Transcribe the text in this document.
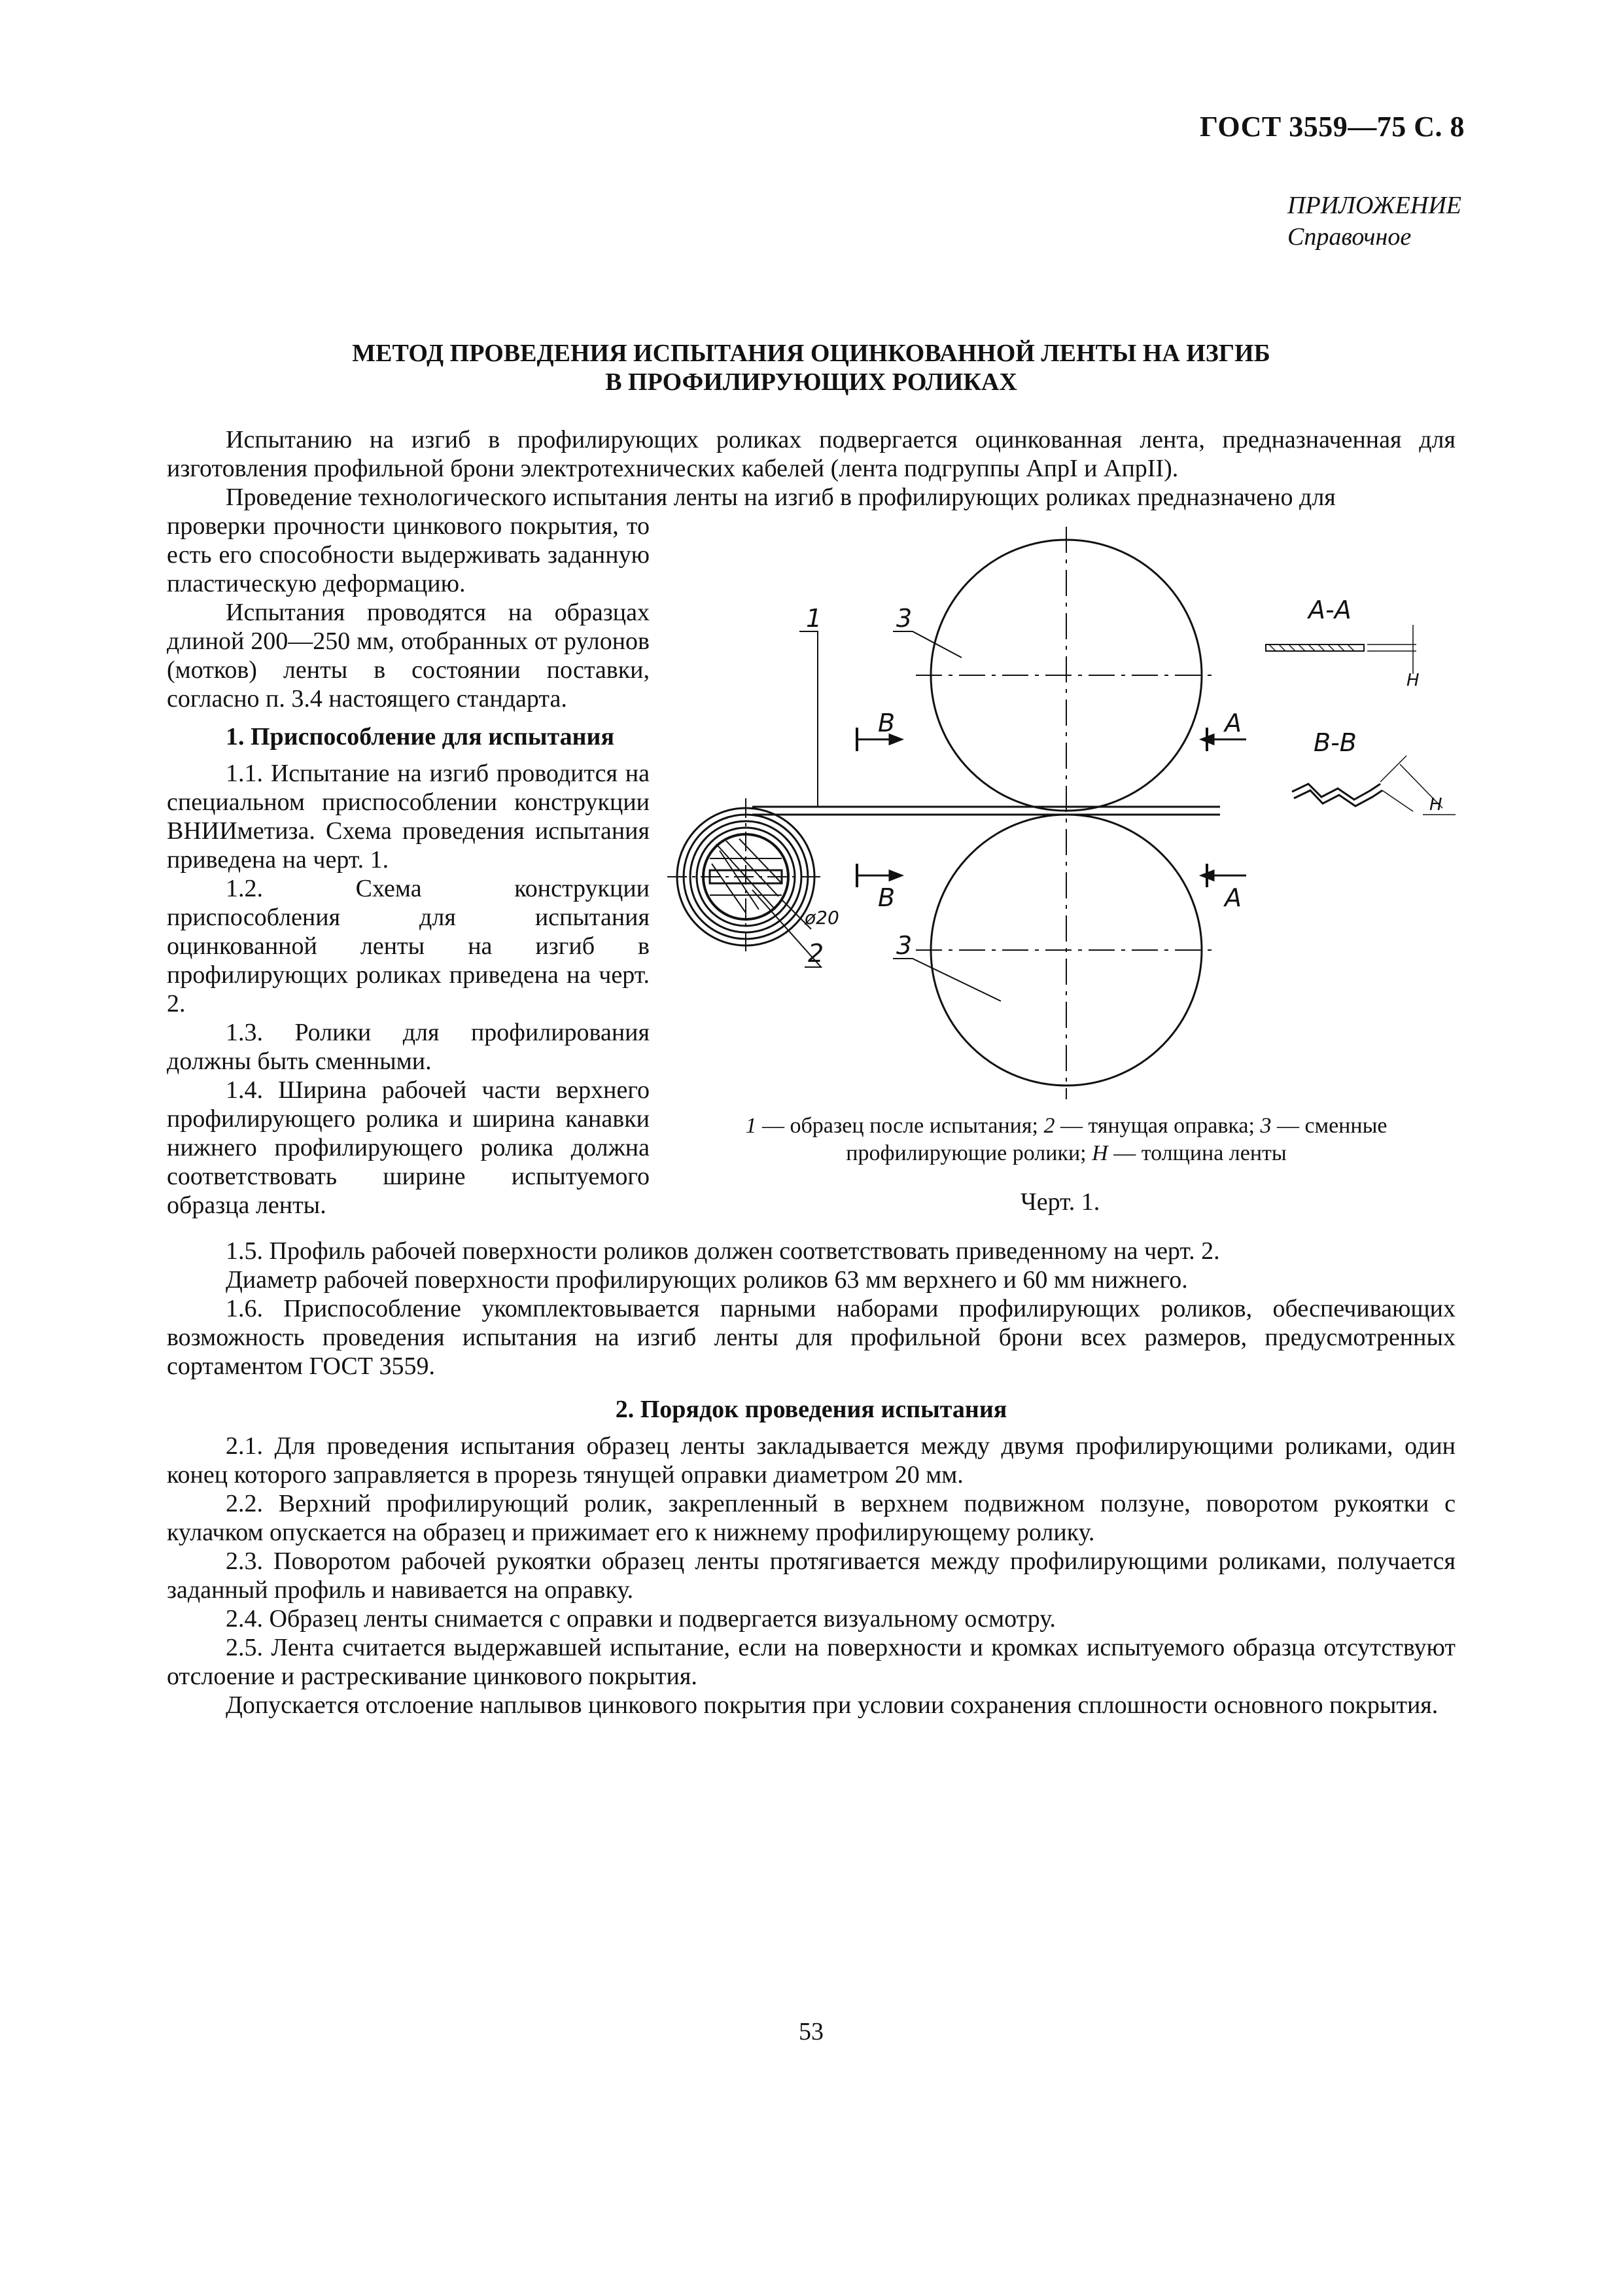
ГОСТ 3559—75 С. 8
ПРИЛОЖЕНИЕ
Справочное
МЕТОД ПРОВЕДЕНИЯ ИСПЫТАНИЯ ОЦИНКОВАННОЙ ЛЕНТЫ НА ИЗГИБ
В ПРОФИЛИРУЮЩИХ РОЛИКАХ

Испытанию на изгиб в профилирующих роликах подвергается оцинкованная лента, предназначенная для изготовления профильной брони электротехнических кабелей (лента подгруппы АпрI и АпрII).

Проведение технологического испытания ленты на изгиб в профилирующих роликах предназначено для

проверки прочности цинкового покрытия, то есть его способности выдерживать заданную пластическую деформацию.

Испытания проводятся на образцах длиной 200—250 мм, отобранных от рулонов (мотков) ленты в состоянии поставки, согласно п. 3.4 настоящего стандарта.

1. Приспособление для испытания

1.1. Испытание на изгиб проводится на специальном приспособлении конструкции ВНИИметиза. Схема проведения испытания приведена на черт. 1.

1.2. Схема конструкции приспособления для испытания оцинкованной ленты на изгиб в профилирующих роликах приведена на черт. 2.

1.3. Ролики для профилирования должны быть сменными.

1.4. Ширина рабочей части верхнего профилирующего ролика и ширина канавки нижнего профилирующего ролика должна соответствовать ширине испытуемого образца ленты.

1	3
В	А
В	А
2	3
ø20
А-А
В-В
Н
Н
1 — образец после испытания; 2 — тянущая оправка; 3 — сменные профилирующие ролики; Н — толщина ленты
Черт. 1.

1.5. Профиль рабочей поверхности роликов должен соответствовать приведенному на черт. 2.

Диаметр рабочей поверхности профилирующих роликов 63 мм верхнего и 60 мм нижнего.

1.6. Приспособление укомплектовывается парными наборами профилирующих роликов, обеспечивающих возможность проведения испытания на изгиб ленты для профильной брони всех размеров, предусмотренных сортаментом ГОСТ 3559.

2. Порядок проведения испытания

2.1. Для проведения испытания образец ленты закладывается между двумя профилирующими роликами, один конец которого заправляется в прорезь тянущей оправки диаметром 20 мм.

2.2. Верхний профилирующий ролик, закрепленный в верхнем подвижном ползуне, поворотом рукоятки с кулачком опускается на образец и прижимает его к нижнему профилирующему ролику.

2.3. Поворотом рабочей рукоятки образец ленты протягивается между профилирующими роликами, получается заданный профиль и навивается на оправку.

2.4. Образец ленты снимается с оправки и подвергается визуальному осмотру.

2.5. Лента считается выдержавшей испытание, если на поверхности и кромках испытуемого образца отсутствуют отслоение и растрескивание цинкового покрытия.

Допускается отслоение наплывов цинкового покрытия при условии сохранения сплошности основного покрытия.

53
